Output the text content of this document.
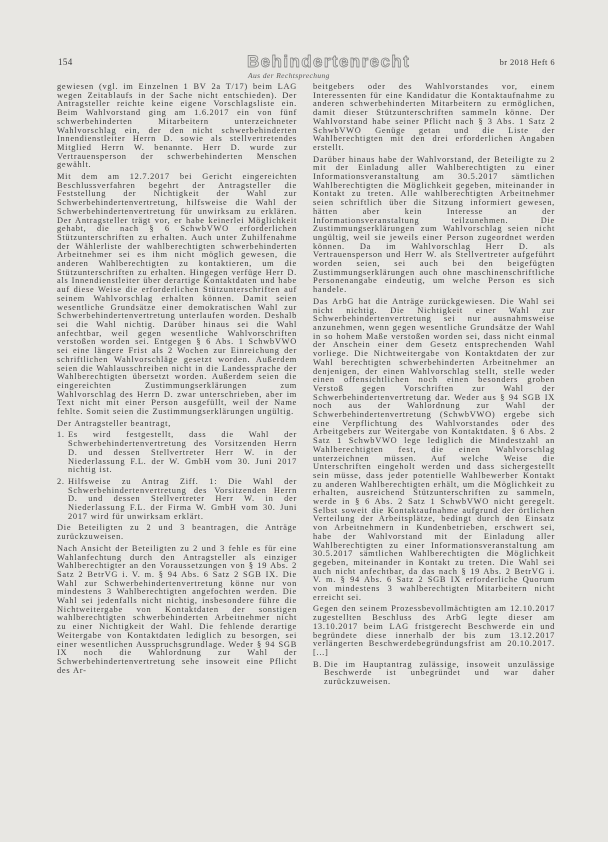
154	Behindertenrecht	br 2018 Heft 6
Aus der Rechtsprechung

gewiesen (vgl. im Einzelnen 1 BV 2a T/17) beim LAG wegen Zeitablaufs in der Sache nicht entschieden). Der Antragsteller reichte keine eigene Vorschlagsliste ein. Beim Wahlvorstand ging am 1.6.2017 ein von fünf schwerbehinderten Mitarbeitern unterzeichneter Wahlvorschlag ein, der den nicht schwerbehinderten Innendienstleiter Herrn D. sowie als stellvertretendes Mitglied Herrn W. benannte. Herr D. wurde zur Vertrauensperson der schwerbehinderten Menschen gewählt.

Mit dem am 12.7.2017 bei Gericht eingereichten Beschlussverfahren begehrt der Antragsteller die Feststellung der Nichtigkeit der Wahl zur Schwerbehindertenvertretung, hilfsweise die Wahl der Schwerbehindertenvertretung für unwirksam zu erklären. Der Antragsteller trägt vor, er habe keinerlei Möglichkeit gehabt, die nach § 6 SchwbVWO erforderlichen Stützunterschriften zu erhalten. Auch unter Zuhilfenahme der Wählerliste der wahlberechtigten schwerbehinderten Arbeitnehmer sei es ihm nicht möglich gewesen, die anderen Wahlberechtigten zu kontaktieren, um die Stützunterschriften zu erhalten. Hingegen verfüge Herr D. als Innendienstleiter über derartige Kontaktdaten und habe auf diese Weise die erforderlichen Stützunterschriften auf seinem Wahlvorschlag erhalten können. Damit seien wesentliche Grundsätze einer demokratischen Wahl zur Schwerbehindertenvertretung unterlaufen worden. Deshalb sei die Wahl nichtig. Darüber hinaus sei die Wahl anfechtbar, weil gegen wesentliche Wahlvorschriften verstoßen worden sei. Entgegen § 6 Abs. 1 SchwbVWO sei eine längere Frist als 2 Wochen zur Einreichung der schriftlichen Wahlvorschläge gesetzt worden. Außerdem seien die Wahlausschreiben nicht in die Landessprache der Wahlberechtigten übersetzt worden. Außerdem seien die eingereichten Zustimmungserklärungen zum Wahlvorschlag des Herrn D. zwar unterschrieben, aber im Text nicht mit einer Person ausgefüllt, weil der Name fehlte. Somit seien die Zustimmungserklärungen ungültig.

Der Antragsteller beantragt,

1. Es wird festgestellt, dass die Wahl der Schwerbehindertenvertretung des Vorsitzenden Herrn D. und dessen Stellvertreter Herr W. in der Niederlassung F.L. der W. GmbH vom 30. Juni 2017 nichtig ist.
2. Hilfsweise zu Antrag Ziff. 1: Die Wahl der Schwerbehindertenvertretung des Vorsitzenden Herrn D. und dessen Stellvertreter Herr W. in der Niederlassung F.L. der Firma W. GmbH vom 30. Juni 2017 wird für unwirksam erklärt.

Die Beteiligten zu 2 und 3 beantragen, die Anträge zurückzuweisen.

Nach Ansicht der Beteiligten zu 2 und 3 fehle es für eine Wahlanfechtung durch den Antragsteller als einziger Wahlberechtigter an den Voraussetzungen von § 19 Abs. 2 Satz 2 BetrVG i. V. m. § 94 Abs. 6 Satz 2 SGB IX. Die Wahl zur Schwerbehindertenvertretung könne nur von mindestens 3 Wahlberechtigten angefochten werden. Die Wahl sei jedenfalls nicht nichtig, insbesondere führe die Nichtweitergabe von Kontaktdaten der sonstigen wahlberechtigten schwerbehinderten Arbeitnehmer nicht zu einer Nichtigkeit der Wahl. Die fehlende derartige Weitergabe von Kontaktdaten lediglich zu besorgen, sei einer wesentlichen Ausspruchsgrundlage. Weder § 94 SGB IX noch die Wahlordnung zur Wahl der Schwerbehindertenvertretung sehe insoweit eine Pflicht des Ar-

beitgebers oder des Wahlvorstandes vor, einem Interessenten für eine Kandidatur die Kontaktaufnahme zu anderen schwerbehinderten Mitarbeitern zu ermöglichen, damit dieser Stützunterschriften sammeln könne. Der Wahlvorstand habe seiner Pflicht nach § 3 Abs. 1 Satz 2 SchwbVWO Genüge getan und die Liste der Wahlberechtigten mit den drei erforderlichen Angaben erstellt.

Darüber hinaus habe der Wahlvorstand, der Beteiligte zu 2 mit der Einladung aller Wahlberechtigten zu einer Informationsveranstaltung am 30.5.2017 sämtlichen Wahlberechtigten die Möglichkeit gegeben, miteinander in Kontakt zu treten. Alle wahlberechtigten Arbeitnehmer seien schriftlich über die Sitzung informiert gewesen, hätten aber kein Interesse an der Informationsveranstaltung teilzunehmen. Die Zustimmungserklärungen zum Wahlvorschlag seien nicht ungültig, weil sie jeweils einer Person zugeordnet werden können. Da im Wahlvorschlag Herr D. als Vertrauensperson und Herr W. als Stellvertreter aufgeführt worden seien, sei auch bei den beigefügten Zustimmungserklärungen auch ohne maschinenschriftliche Personenangabe eindeutig, um welche Person es sich handele.

Das ArbG hat die Anträge zurückgewiesen. Die Wahl sei nicht nichtig. Die Nichtigkeit einer Wahl zur Schwerbehindertenvertretung sei nur ausnahmsweise anzunehmen, wenn gegen wesentliche Grundsätze der Wahl in so hohem Maße verstoßen worden sei, dass nicht einmal der Anschein einer dem Gesetz entsprechenden Wahl vorliege. Die Nichtweitergabe von Kontaktdaten der zur Wahl berechtigten schwerbehinderten Arbeitnehmer an denjenigen, der einen Wahlvorschlag stellt, stelle weder einen offensichtlichen noch einen besonders groben Verstoß gegen Vorschriften zur Wahl der Schwerbehindertenvertretung dar. Weder aus § 94 SGB IX noch aus der Wahlordnung zur Wahl der Schwerbehindertenvertretung (SchwbVWO) ergebe sich eine Verpflichtung des Wahlvorstandes oder des Arbeitgebers zur Weitergabe von Kontaktdaten. § 6 Abs. 2 Satz 1 SchwbVWO lege lediglich die Mindestzahl an Wahlberechtigten fest, die einen Wahlvorschlag unterzeichnen müssen. Auf welche Weise die Unterschriften eingeholt werden und dass sichergestellt sein müsse, dass jeder potentielle Wahlbewerber Kontakt zu anderen Wahlberechtigten erhält, um die Möglichkeit zu erhalten, ausreichend Stützunterschriften zu sammeln, werde in § 6 Abs. 2 Satz 1 SchwbVWO nicht geregelt. Selbst soweit die Kontaktaufnahme aufgrund der örtlichen Verteilung der Arbeitsplätze, bedingt durch den Einsatz von Arbeitnehmern in Kundenbetrieben, erschwert sei, habe der Wahlvorstand mit der Einladung aller Wahlberechtigten zu einer Informationsveranstaltung am 30.5.2017 sämtlichen Wahlberechtigten die Möglichkeit gegeben, miteinander in Kontakt zu treten. Die Wahl sei auch nicht anfechtbar, da das nach § 19 Abs. 2 BetrVG i. V. m. § 94 Abs. 6 Satz 2 SGB IX erforderliche Quorum von mindestens 3 wahlberechtigten Mitarbeitern nicht erreicht sei.

Gegen den seinem Prozessbevollmächtigten am 12.10.2017 zugestellten Beschluss des ArbG legte dieser am 13.10.2017 beim LAG fristgerecht Beschwerde ein und begründete diese innerhalb der bis zum 13.12.2017 verlängerten Beschwerdebegründungsfrist am 20.10.2017. [...]

B. Die im Hauptantrag zulässige, insoweit unzulässige Beschwerde ist unbegründet und war daher zurückzuweisen.
